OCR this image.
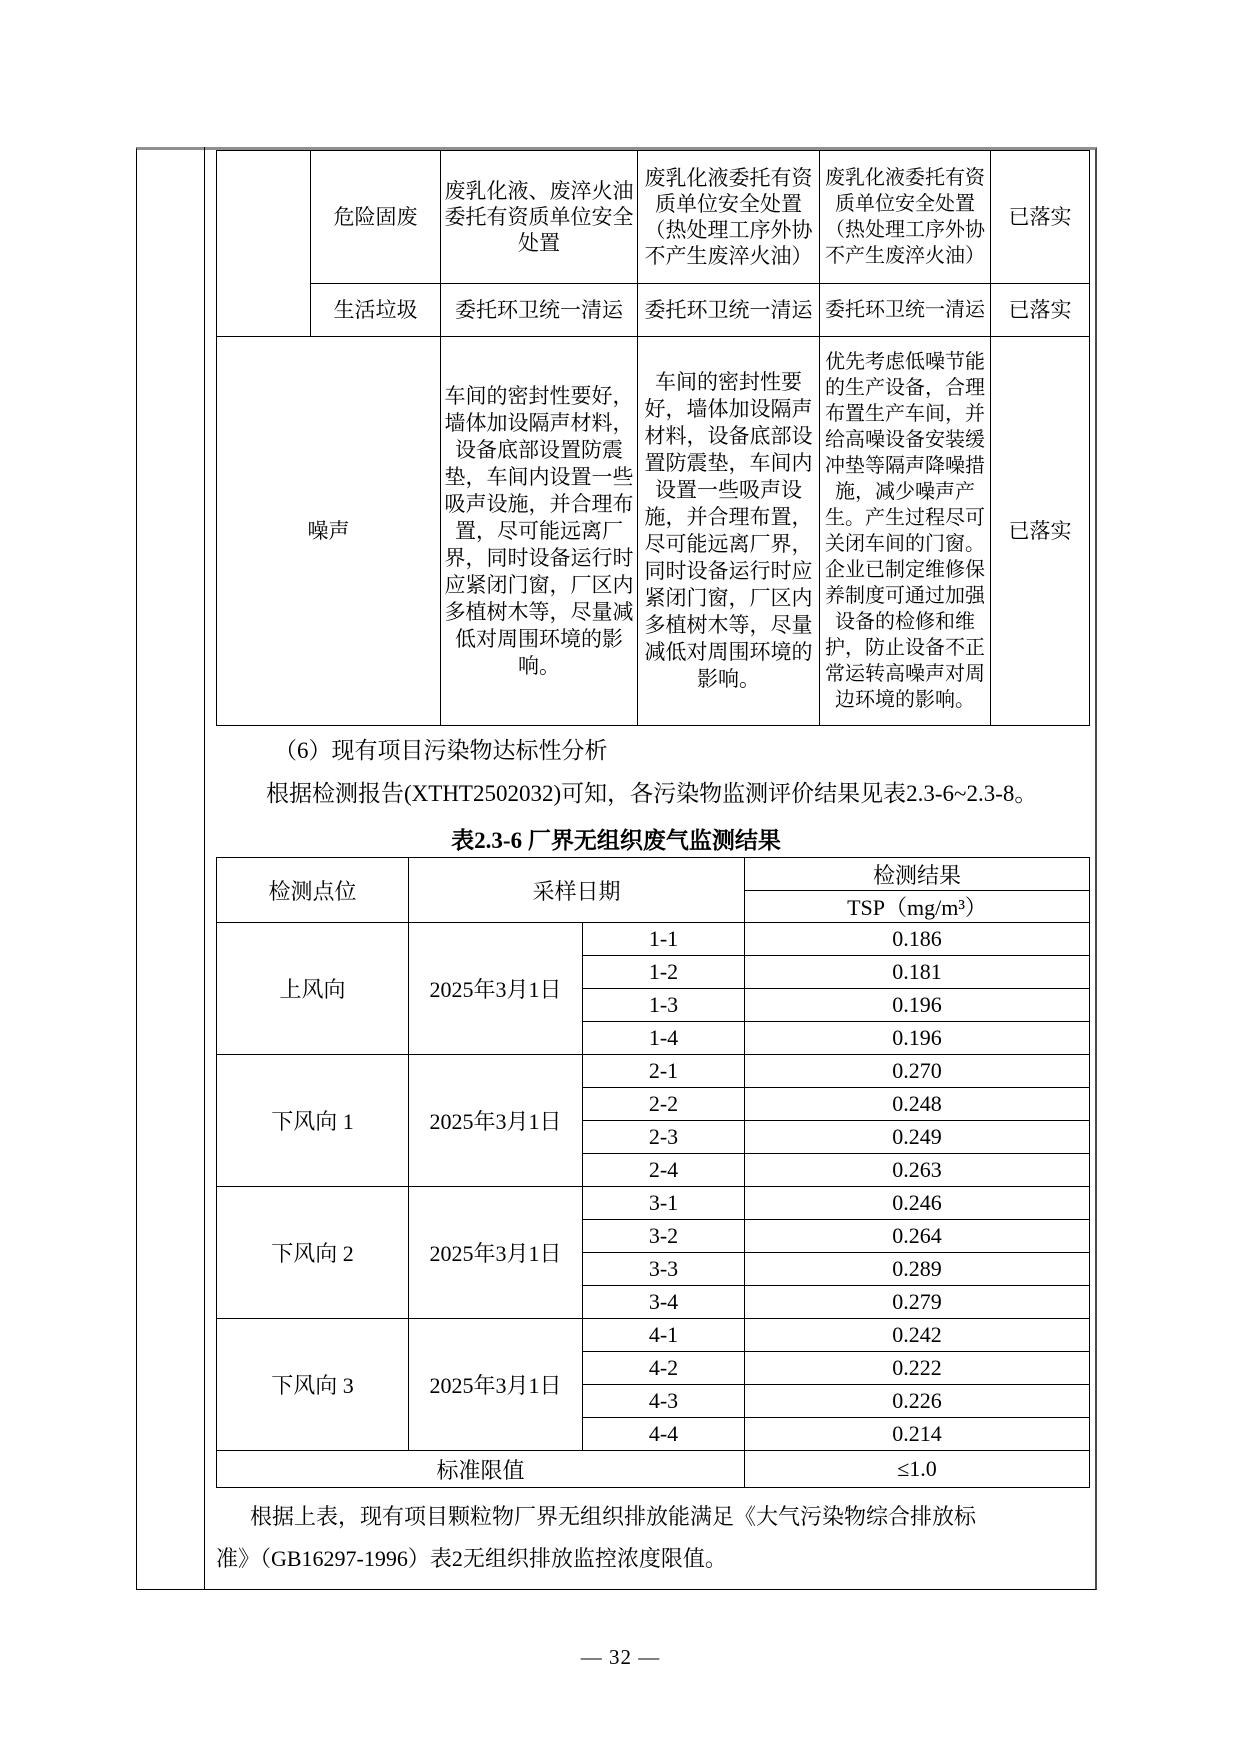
	危险固废	废乳化液、废淬火油委托有资质单位安全处置	废乳化液委托有资质单位安全处置（热处理工序外协不产生废淬火油）	废乳化液委托有资质单位安全处置（热处理工序外协不产生废淬火油）	已落实
	生活垃圾	委托环卫统一清运	委托环卫统一清运	委托环卫统一清运	已落实
噪声		车间的密封性要好，墙体加设隔声材料，设备底部设置防震垫，车间内设置一些吸声设施，并合理布置，尽可能远离厂界，同时设备运行时应紧闭门窗，厂区内多植树木等，尽量减低对周围环境的影响。	车间的密封性要好，墙体加设隔声材料，设备底部设置防震垫，车间内设置一些吸声设施，并合理布置，尽可能远离厂界，同时设备运行时应紧闭门窗，厂区内多植树木等，尽量减低对周围环境的影响。	优先考虑低噪节能的生产设备，合理布置生产车间，并给高噪设备安装缓冲垫等隔声降噪措施，减少噪声产生。产生过程尽可关闭车间的门窗。企业已制定维修保养制度可通过加强设备的检修和维护，防止设备不正常运转高噪声对周边环境的影响。	已落实
（6）现有项目污染物达标性分析
根据检测报告(XTHT2502032)可知，各污染物监测评价结果见表2.3-6~2.3-8。
表2.3-6 厂界无组织废气监测结果
检测点位	采样日期		检测结果
			TSP（mg/m³）
上风向	2025年3月1日	1-1	0.186
		1-2	0.181
		1-3	0.196
		1-4	0.196
下风向 1	2025年3月1日	2-1	0.270
		2-2	0.248
		2-3	0.249
		2-4	0.263
下风向 2	2025年3月1日	3-1	0.246
		3-2	0.264
		3-3	0.289
		3-4	0.279
下风向 3	2025年3月1日	4-1	0.242
		4-2	0.222
		4-3	0.226
		4-4	0.214
标准限值			≤1.0
根据上表，现有项目颗粒物厂界无组织排放能满足《大气污染物综合排放标准》（GB16297-1996）表2无组织排放监控浓度限值。
— 32 —
